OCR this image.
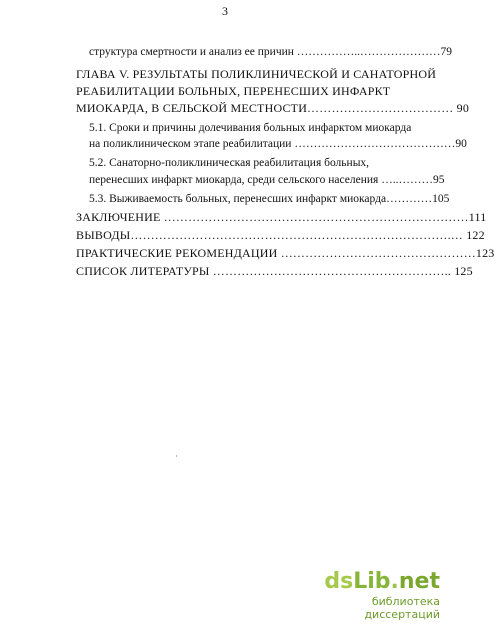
3
структура смертности и анализ ее причин ……………..…………………79
ГЛАВА V. РЕЗУЛЬТАТЫ ПОЛИКЛИНИЧЕСКОЙ И САНАТОРНОЙ
РЕАБИЛИТАЦИИ БОЛЬНЫХ, ПЕРЕНЕСШИХ ИНФАРКТ
МИОКАРДА, В СЕЛЬСКОЙ МЕСТНОСТИ……………………………… 90
5.1. Сроки и причины долечивания больных инфарктом миокарда
на поликлиническом этапе реабилитации ……………………………………90
5.2. Санаторно-поликлиническая реабилитация больных,
перенесших инфаркт миокарда, среди сельского населения …..………95
5.3. Выживаемость больных, перенесших инфаркт миокарда…………105
ЗАКЛЮЧЕНИЕ …………………………………………………………………111
ВЫВОДЫ…………………………………………………………………….… 122
ПРАКТИЧЕСКИЕ РЕКОМЕНДАЦИИ …………………………………………123
СПИСОК ЛИТЕРАТУРЫ ………………………………………………….. 125
dsLib.net
библиотека диссертаций
